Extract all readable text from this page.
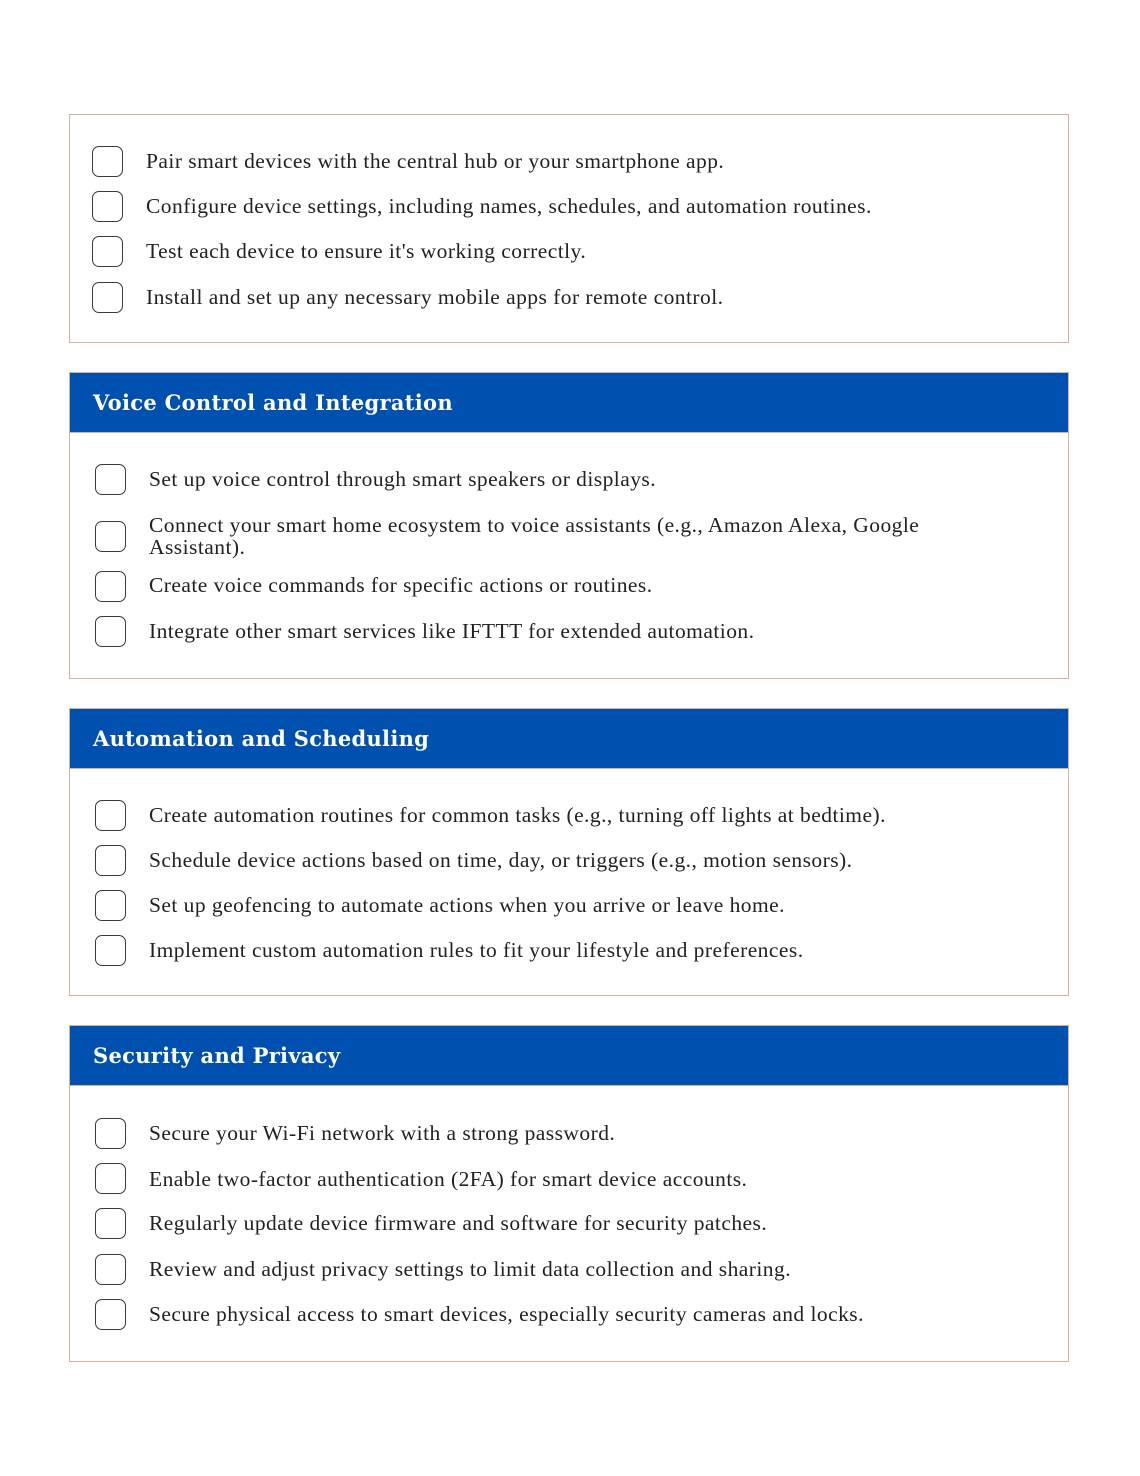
Pair smart devices with the central hub or your smartphone app.
Configure device settings, including names, schedules, and automation routines.
Test each device to ensure it's working correctly.
Install and set up any necessary mobile apps for remote control.
Voice Control and Integration
Set up voice control through smart speakers or displays.
Connect your smart home ecosystem to voice assistants (e.g., Amazon Alexa, Google Assistant).
Create voice commands for specific actions or routines.
Integrate other smart services like IFTTT for extended automation.
Automation and Scheduling
Create automation routines for common tasks (e.g., turning off lights at bedtime).
Schedule device actions based on time, day, or triggers (e.g., motion sensors).
Set up geofencing to automate actions when you arrive or leave home.
Implement custom automation rules to fit your lifestyle and preferences.
Security and Privacy
Secure your Wi-Fi network with a strong password.
Enable two-factor authentication (2FA) for smart device accounts.
Regularly update device firmware and software for security patches.
Review and adjust privacy settings to limit data collection and sharing.
Secure physical access to smart devices, especially security cameras and locks.
